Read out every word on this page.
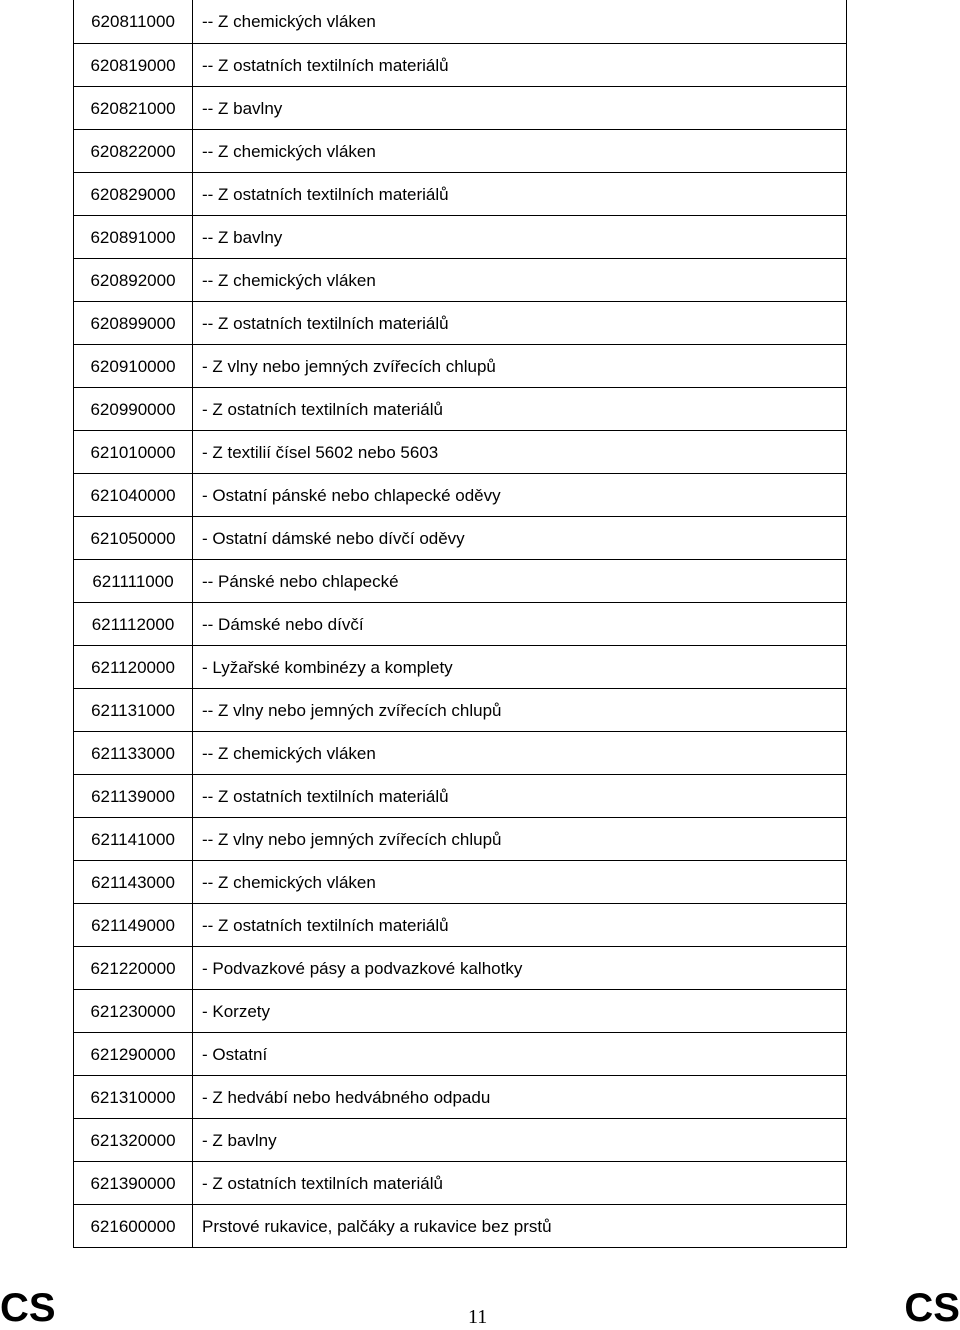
620811000	-- Z chemických vláken
620819000	-- Z ostatních textilních materiálů
620821000	-- Z bavlny
620822000	-- Z chemických vláken
620829000	-- Z ostatních textilních materiálů
620891000	-- Z bavlny
620892000	-- Z chemických vláken
620899000	-- Z ostatních textilních materiálů
620910000	- Z vlny nebo jemných zvířecích chlupů
620990000	- Z ostatních textilních materiálů
621010000	- Z textilií čísel 5602 nebo 5603
621040000	- Ostatní pánské nebo chlapecké oděvy
621050000	- Ostatní dámské nebo dívčí oděvy
621111000	-- Pánské nebo chlapecké
621112000	-- Dámské nebo dívčí
621120000	- Lyžařské kombinézy a komplety
621131000	-- Z vlny nebo jemných zvířecích chlupů
621133000	-- Z chemických vláken
621139000	-- Z ostatních textilních materiálů
621141000	-- Z vlny nebo jemných zvířecích chlupů
621143000	-- Z chemických vláken
621149000	-- Z ostatních textilních materiálů
621220000	- Podvazkové pásy a podvazkové kalhotky
621230000	- Korzety
621290000	- Ostatní
621310000	- Z hedvábí nebo hedvábného odpadu
621320000	- Z bavlny
621390000	- Z ostatních textilních materiálů
621600000	Prstové rukavice, palčáky a rukavice bez prstů
CS	11	CS
